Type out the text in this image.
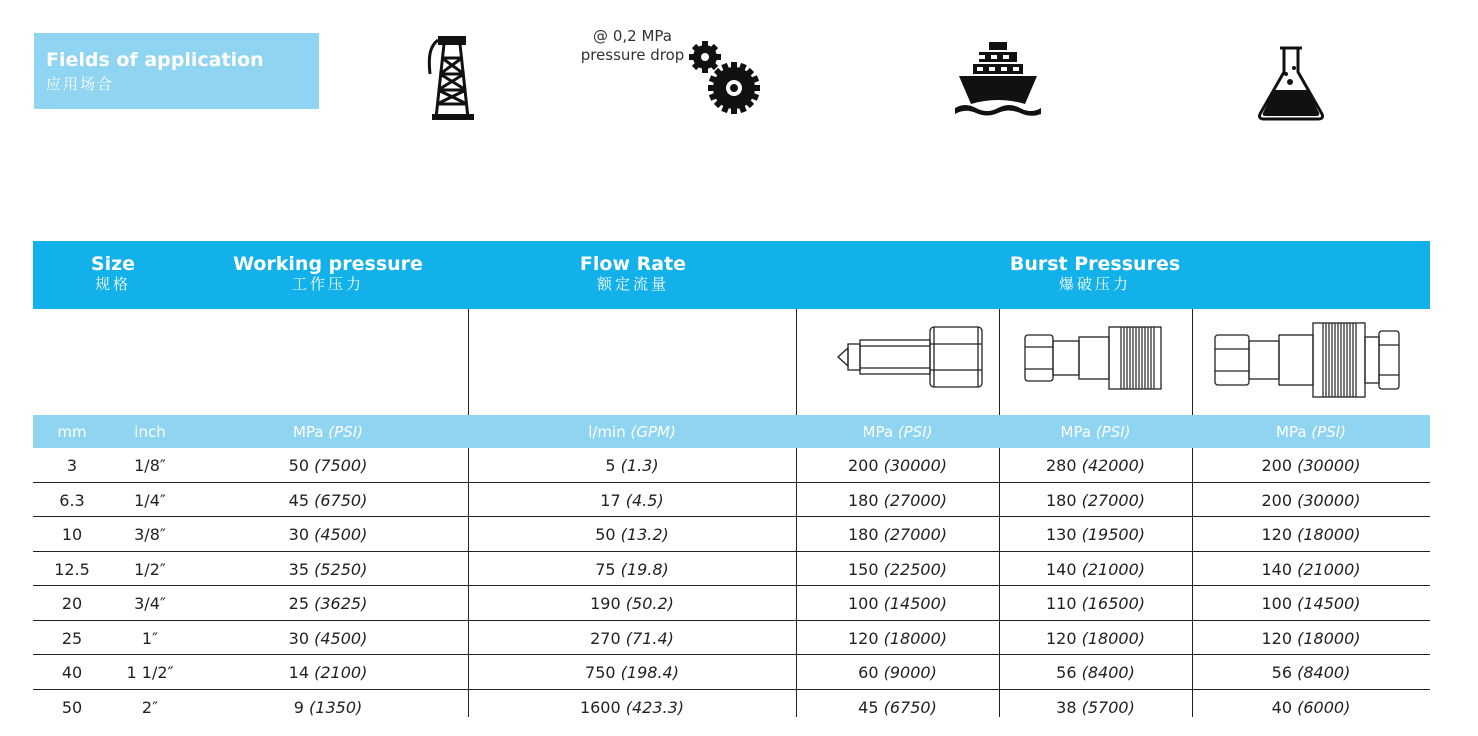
Fields of application
应用场合
Size
规格
Working pressure
工作压力
Flow Rate
额定流量
Burst Pressures
爆破压力
@ 0,2 MPa
pressure drop
mm	inch	MPa (PSI)	l/min (GPM)	MPa (PSI)	MPa (PSI)	MPa (PSI)
3	1/8″	50 (7500)	5 (1.3)	200 (30000)	280 (42000)	200 (30000)
6.3	1/4″	45 (6750)	17 (4.5)	180 (27000)	180 (27000)	200 (30000)
10	3/8″	30 (4500)	50 (13.2)	180 (27000)	130 (19500)	120 (18000)
12.5	1/2″	35 (5250)	75 (19.8)	150 (22500)	140 (21000)	140 (21000)
20	3/4″	25 (3625)	190 (50.2)	100 (14500)	110 (16500)	100 (14500)
25	1″	30 (4500)	270 (71.4)	120 (18000)	120 (18000)	120 (18000)
40	1 1/2″	14 (2100)	750 (198.4)	60 (9000)	56 (8400)	56 (8400)
50	2″	9 (1350)	1600 (423.3)	45 (6750)	38 (5700)	40 (6000)
